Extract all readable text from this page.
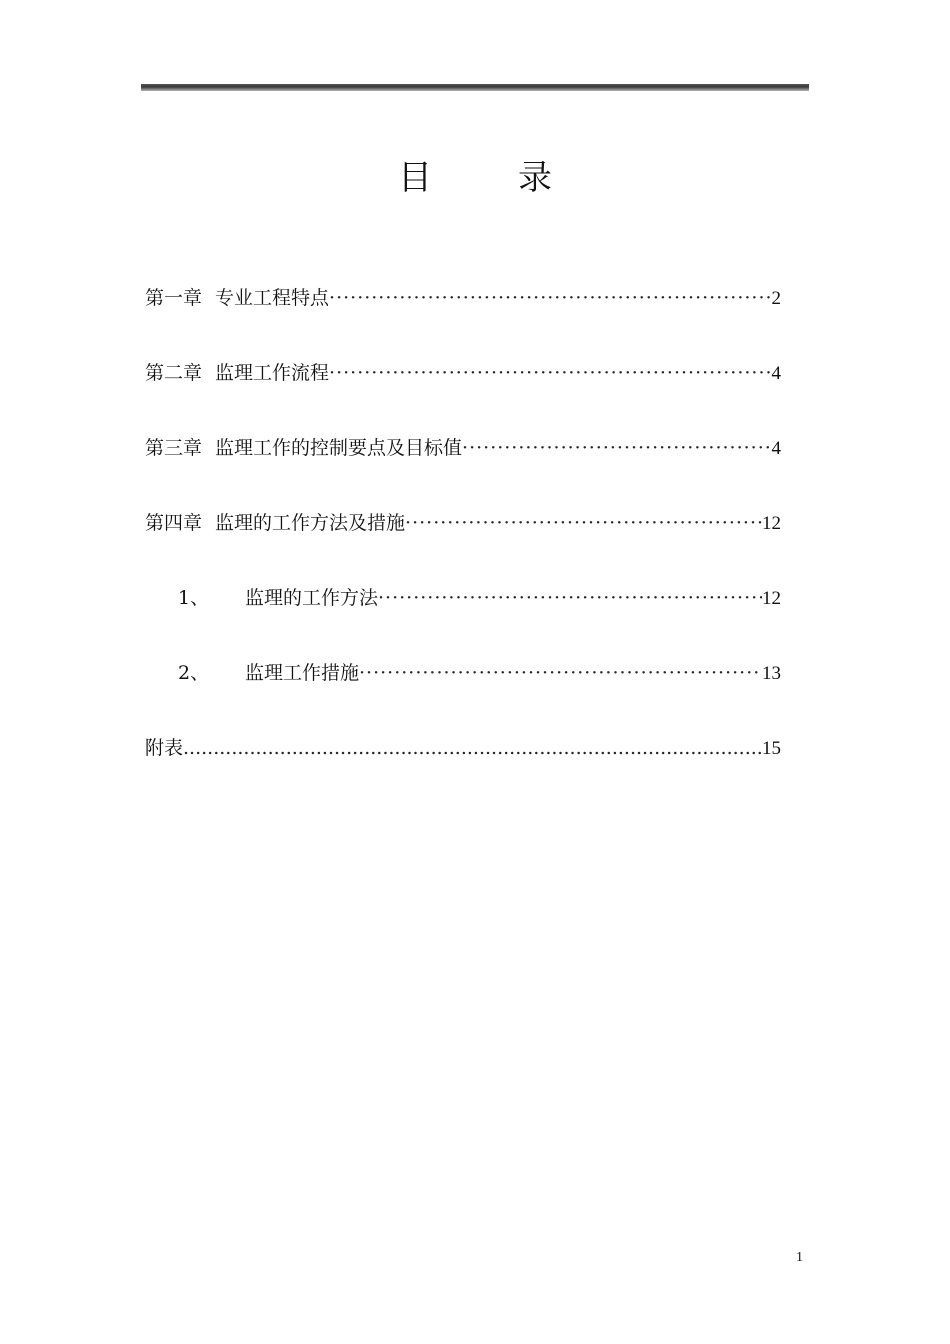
目	录
第一章 专业工程特点 ·····	2
第二章 监理工作流程 ·····	4
第三章 监理工作的控制要点及目标值 ·····	4
第四章 监理的工作方法及措施 ·····	12
1、 监理的工作方法 ·····	12
2、 监理工作措施 ·····	13
附表 .....	15
1
